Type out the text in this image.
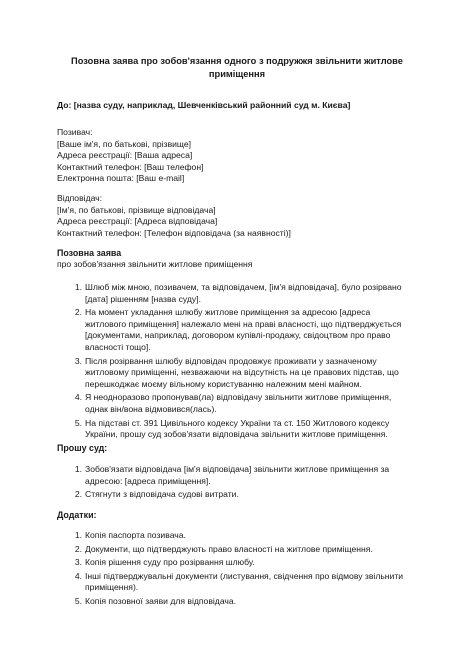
Позовна заява про зобов'язання одного з подружжя звільнити житлове приміщення
До: [назва суду, наприклад, Шевченківський районний суд м. Києва]
Позивач:
[Ваше ім'я, по батькові, прізвище]
Адреса реєстрації: [Ваша адреса]
Контактний телефон: [Ваш телефон]
Електронна пошта: [Ваш e-mail]
Відповідач:
[Ім'я, по батькові, прізвище відповідача]
Адреса реєстрації: [Адреса відповідача]
Контактний телефон: [Телефон відповідача (за наявності)]
Позовна заява
про зобов'язання звільнити житлове приміщення
1. Шлюб між мною, позивачем, та відповідачем, [ім'я відповідача], було розірвано
[дата] рішенням [назва суду].
2. На момент укладання шлюбу житлове приміщення за адресою [адреса
житлового приміщення] належало мені на праві власності, що підтверджується
[документами, наприклад, договором купівлі-продажу, свідоцтвом про право
власності тощо].
3. Після розірвання шлюбу відповідач продовжує проживати у зазначеному
житловому приміщенні, незважаючи на відсутність на це правових підстав, що
перешкоджає моєму вільному користуванню належним мені майном.
4. Я неодноразово пропонував(ла) відповідачу звільнити житлове приміщення,
однак він/вона відмовився(лась).
5. На підставі ст. 391 Цивільного кодексу України та ст. 150 Житлового кодексу
України, прошу суд зобов'язати відповідача звільнити житлове приміщення.
Прошу суд:
1. Зобов'язати відповідача [ім'я відповідача] звільнити житлове приміщення за
адресою: [адреса приміщення].
2. Стягнути з відповідача судові витрати.
Додатки:
1. Копія паспорта позивача.
2. Документи, що підтверджують право власності на житлове приміщення.
3. Копія рішення суду про розірвання шлюбу.
4. Інші підтверджувальні документи (листування, свідчення про відмову звільнити
приміщення).
5. Копія позовної заяви для відповідача.
